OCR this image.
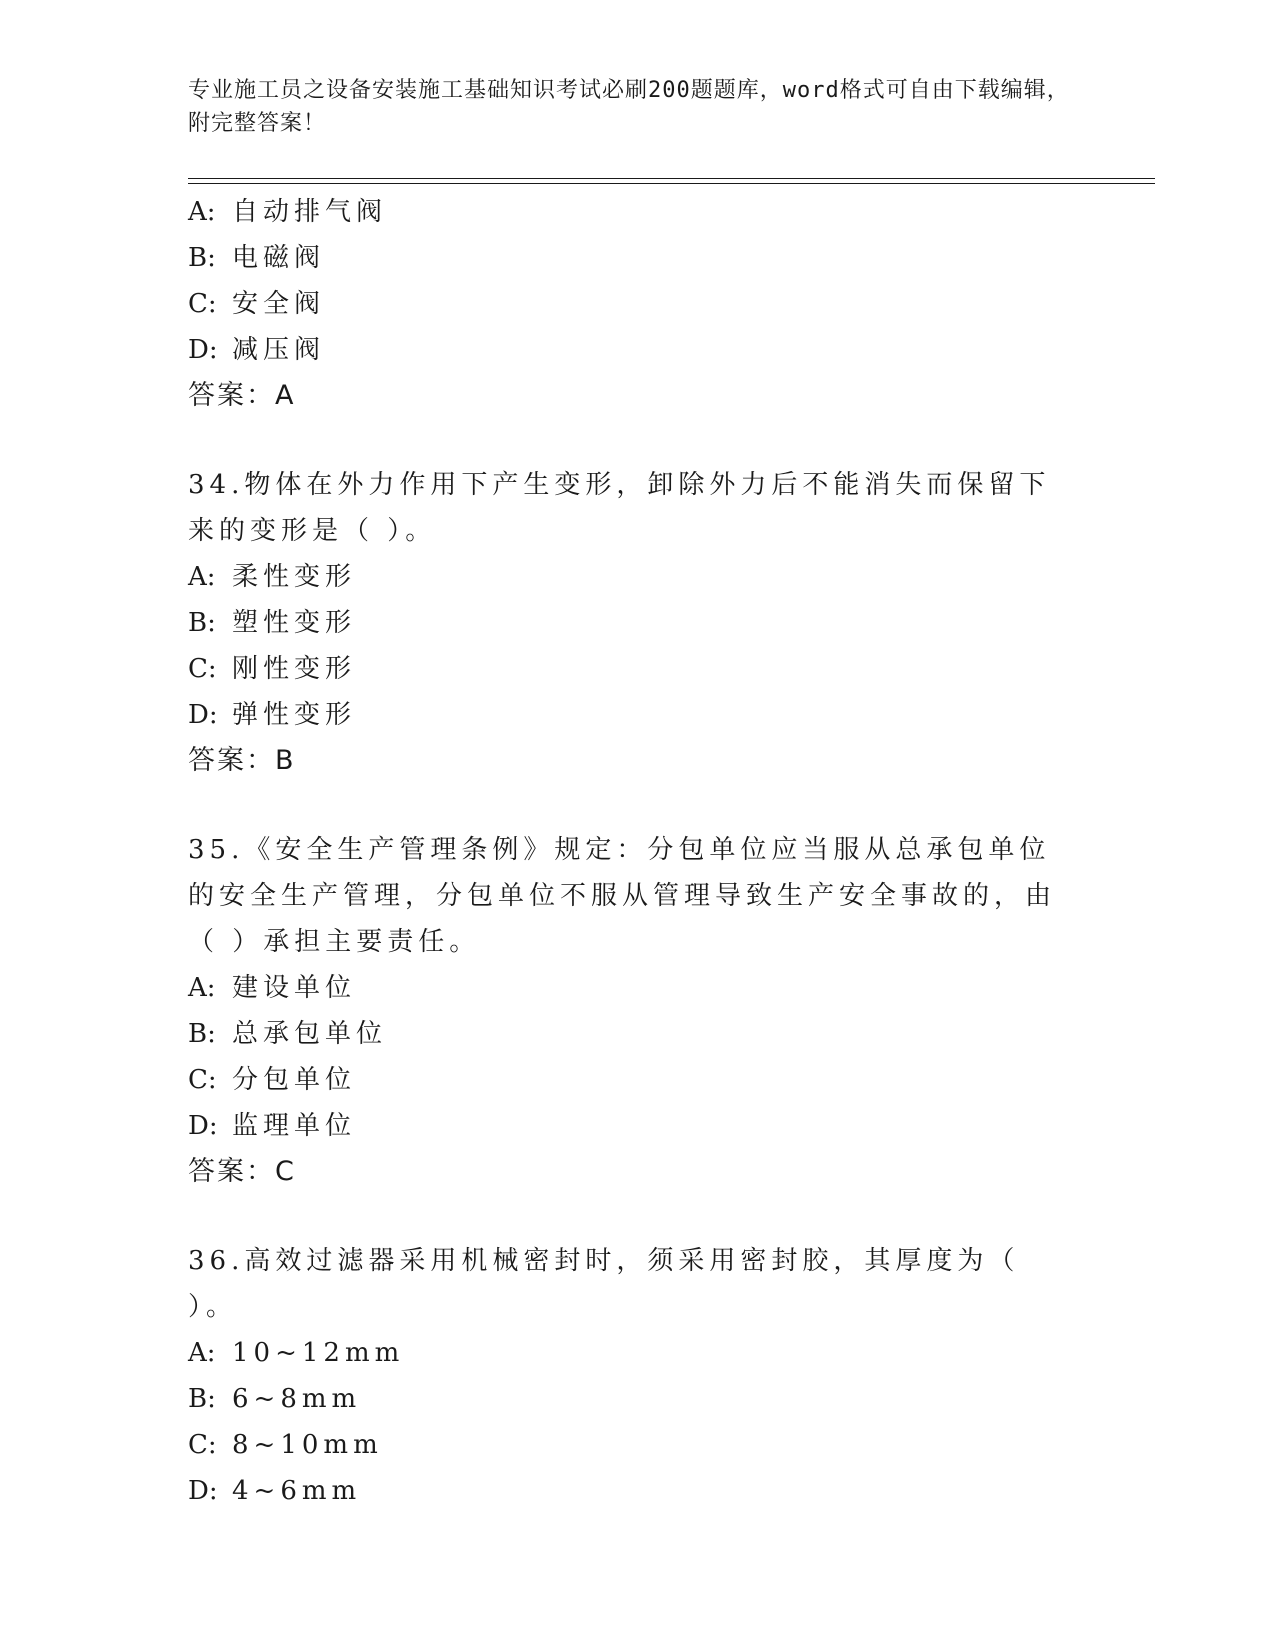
专业施工员之设备安装施工基础知识考试必刷200题题库，word格式可自由下载编辑，附完整答案！
A: 自动排气阀
B: 电磁阀
C: 安全阀
D: 减压阀
答案：A
34.物体在外力作用下产生变形，卸除外力后不能消失而保留下来的变形是（ ）。
A: 柔性变形
B: 塑性变形
C: 刚性变形
D: 弹性变形
答案：B
35.《安全生产管理条例》规定：分包单位应当服从总承包单位的安全生产管理，分包单位不服从管理导致生产安全事故的，由（ ）承担主要责任。
A: 建设单位
B: 总承包单位
C: 分包单位
D: 监理单位
答案：C
36.高效过滤器采用机械密封时，须采用密封胶，其厚度为（ ）。
A: 10~12mm
B: 6~8mm
C: 8~10mm
D: 4~6mm
